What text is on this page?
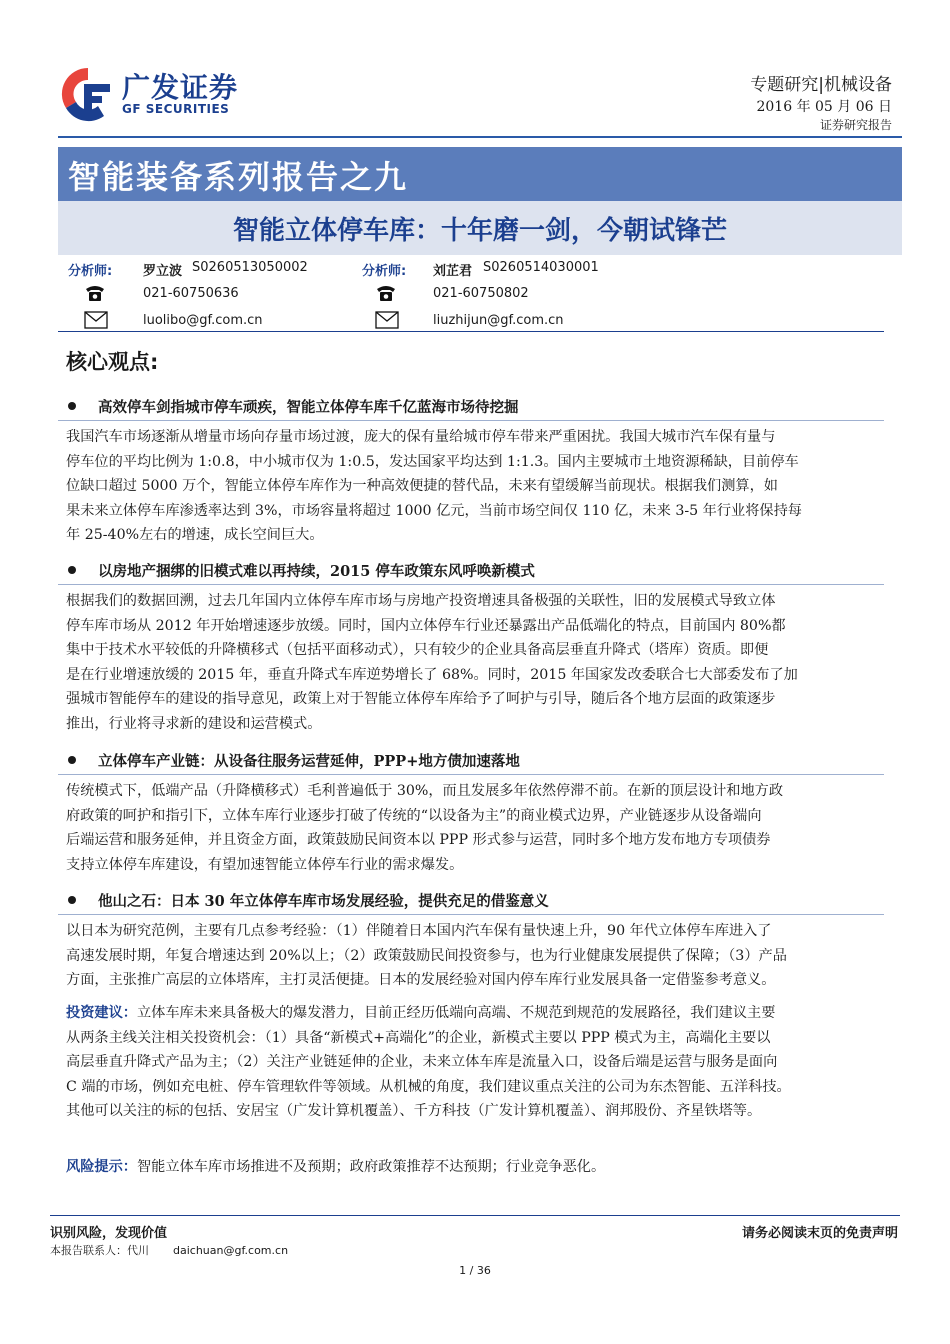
广发证券
GF SECURITIES
专题研究|机械设备
2016 年 05 月 06 日
证券研究报告
智能装备系列报告之九
智能立体停车库：十年磨一剑，今朝试锋芒
分析师: 罗立波 S0260513050002
021-60750636
luolibo@gf.com.cn
分析师: 刘芷君 S0260514030001
021-60750802
liuzhijun@gf.com.cn
核心观点:
高效停车剑指城市停车顽疾，智能立体停车库千亿蓝海市场待挖掘
我国汽车市场逐渐从增量市场向存量市场过渡，庞大的保有量给城市停车带来严重困扰。我国大城市汽车保有量与
停车位的平均比例为 1:0.8，中小城市仅为 1:0.5，发达国家平均达到 1:1.3。国内主要城市土地资源稀缺，目前停车
位缺口超过 5000 万个，智能立体停车库作为一种高效便捷的替代品，未来有望缓解当前现状。根据我们测算，如
果未来立体停车库渗透率达到 3%，市场容量将超过 1000 亿元，当前市场空间仅 110 亿，未来 3-5 年行业将保持每
年 25-40%左右的增速，成长空间巨大。
以房地产捆绑的旧模式难以再持续，2015 停车政策东风呼唤新模式
根据我们的数据回溯，过去几年国内立体停车库市场与房地产投资增速具备极强的关联性，旧的发展模式导致立体
停车库市场从 2012 年开始增速逐步放缓。同时，国内立体停车行业还暴露出产品低端化的特点，目前国内 80%都
集中于技术水平较低的升降横移式（包括平面移动式），只有较少的企业具备高层垂直升降式（塔库）资质。即便
是在行业增速放缓的 2015 年，垂直升降式车库逆势增长了 68%。同时，2015 年国家发改委联合七大部委发布了加
强城市智能停车的建设的指导意见，政策上对于智能立体停车库给予了呵护与引导，随后各个地方层面的政策逐步
推出，行业将寻求新的建设和运营模式。
立体停车产业链：从设备往服务运营延伸，PPP+地方债加速落地
传统模式下，低端产品（升降横移式）毛利普遍低于 30%，而且发展多年依然停滞不前。在新的顶层设计和地方政
府政策的呵护和指引下，立体车库行业逐步打破了传统的“以设备为主”的商业模式边界，产业链逐步从设备端向
后端运营和服务延伸，并且资金方面，政策鼓励民间资本以 PPP 形式参与运营，同时多个地方发布地方专项债券
支持立体停车库建设，有望加速智能立体停车行业的需求爆发。
他山之石：日本 30 年立体停车库市场发展经验，提供充足的借鉴意义
以日本为研究范例，主要有几点参考经验：（1）伴随着日本国内汽车保有量快速上升，90 年代立体停车库进入了
高速发展时期，年复合增速达到 20%以上；（2）政策鼓励民间投资参与，也为行业健康发展提供了保障；（3）产品
方面，主张推广高层的立体塔库，主打灵活便捷。日本的发展经验对国内停车库行业发展具备一定借鉴参考意义。
投资建议：立体车库未来具备极大的爆发潜力，目前正经历低端向高端、不规范到规范的发展路径，我们建议主要
从两条主线关注相关投资机会：（1）具备“新模式+高端化”的企业，新模式主要以 PPP 模式为主，高端化主要以
高层垂直升降式产品为主；（2）关注产业链延伸的企业，未来立体车库是流量入口，设备后端是运营与服务是面向
C 端的市场，例如充电桩、停车管理软件等领域。从机械的角度，我们建议重点关注的公司为东杰智能、五洋科技。
其他可以关注的标的包括、安居宝（广发计算机覆盖）、千方科技（广发计算机覆盖）、润邦股份、齐星铁塔等。
风险提示：智能立体车库市场推进不及预期；政府政策推荐不达预期；行业竞争恶化。
识别风险，发现价值
本报告联系人：代川 daichuan@gf.com.cn
请务必阅读末页的免责声明
1 / 36
